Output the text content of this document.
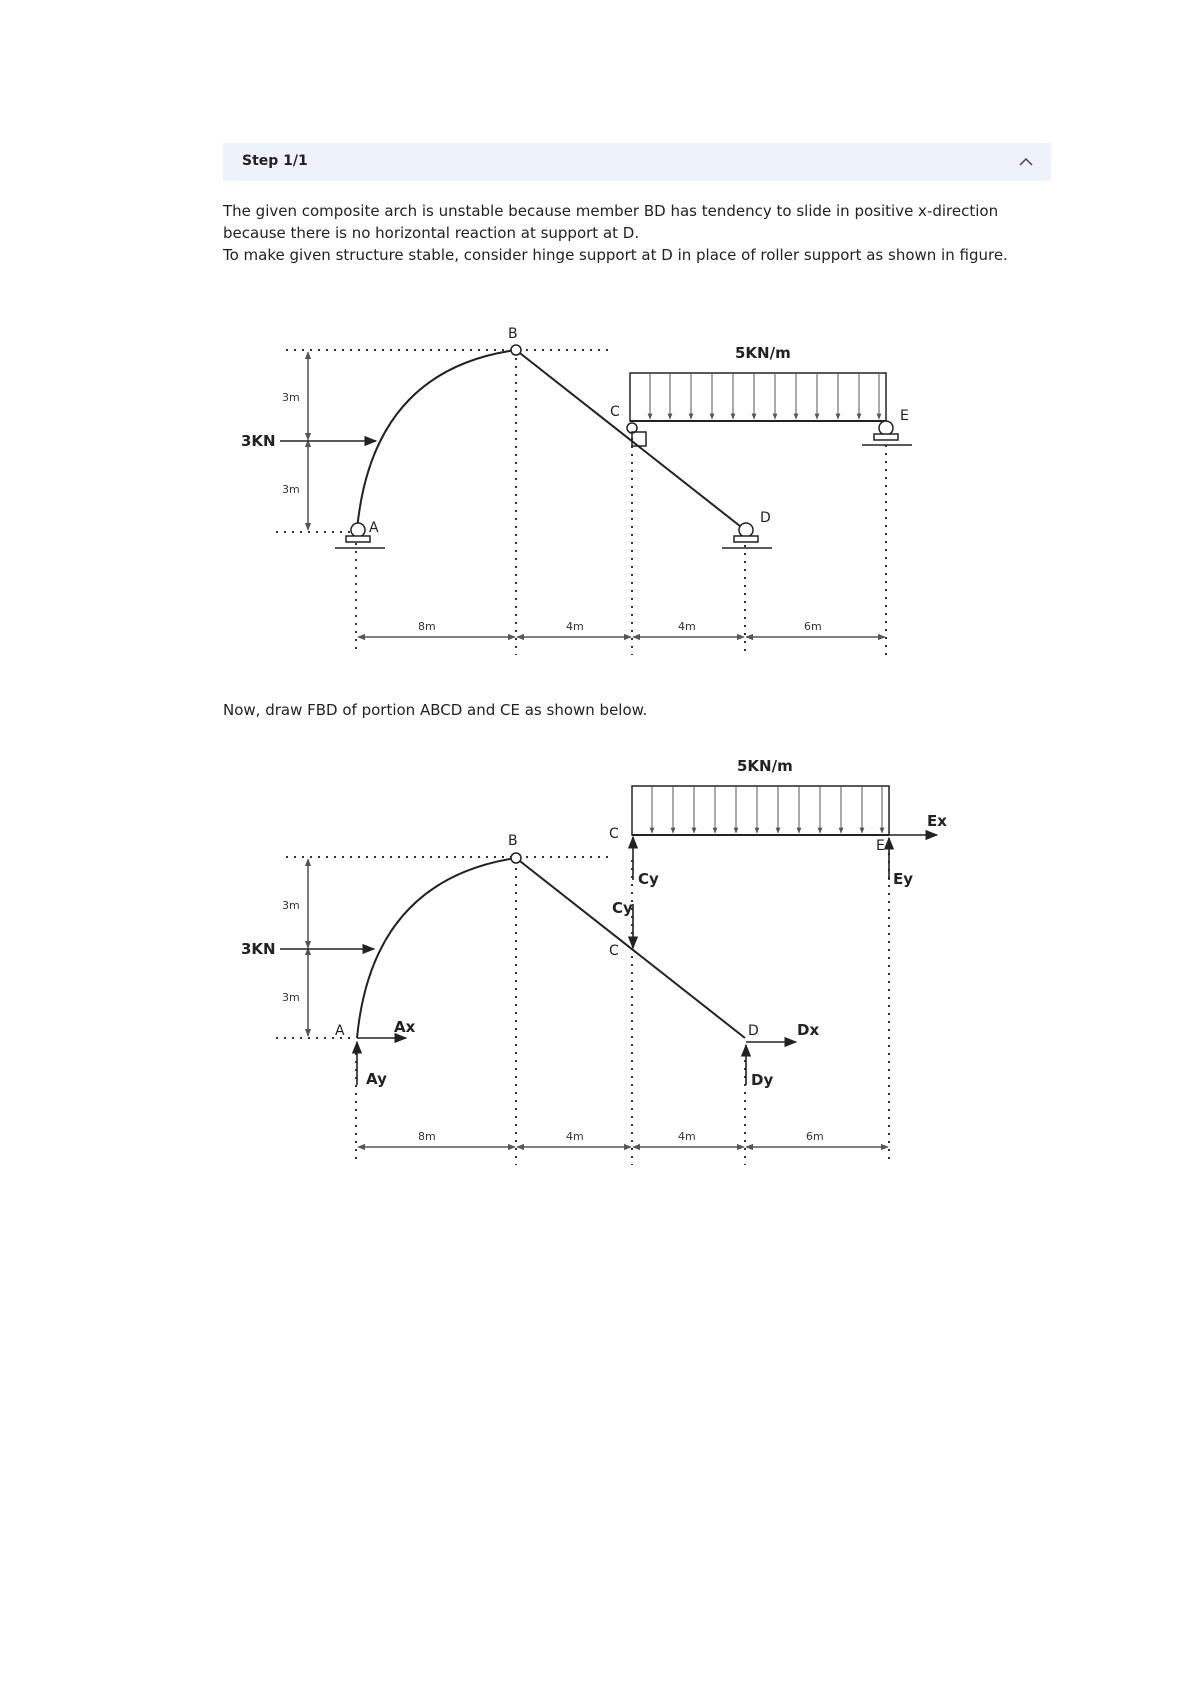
Step 1/1

The given composite arch is unstable because member BD has tendency to slide in positive x-direction because there is no horizontal reaction at support at D.

To make given structure stable, consider hinge support at D in place of roller support as shown in figure.

Now, draw FBD of portion ABCD and CE as shown below.

3m
3m
3KN
5KN/m
B
C
A
D
E
8m	4m	4m	6m
3m
3m
3KN
5KN/m
Ax
Ay
Cy
Cy
Dx
Dy
Ex
Ey
A
B	C
C
D
E
8m	4m	4m	6m
